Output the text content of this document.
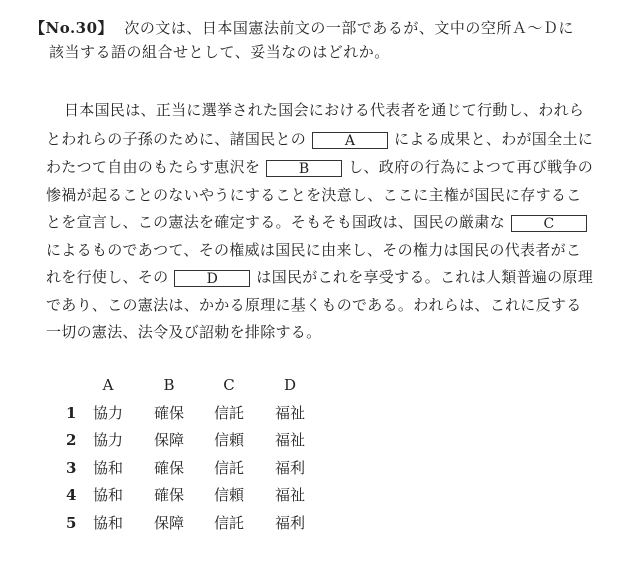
【No.30】 次の文は、日本国憲法前文の一部であるが、文中の空所Ａ～Ｄに
該当する語の組合せとして、妥当なのはどれか。
日本国民は、正当に選挙された国会における代表者を通じて行動し、われら
とわれらの子孫のために、諸国民との	A	による成果と、わが国全土に
わたつて自由のもたらす恵沢を	B	し、政府の行為によつて再び戦争の
惨禍が起ることのないやうにすることを決意し、ここに主権が国民に存するこ
とを宣言し、この憲法を確定する。そもそも国政は、国民の厳粛な	C
によるものであつて、その権威は国民に由来し、その権力は国民の代表者がこ
れを行使し、その	D	は国民がこれを享受する。これは人類普遍の原理
であり、この憲法は、かかる原理に基くものである。われらは、これに反する
一切の憲法、法令及び詔勅を排除する。
A	B	C	D
1	協力 確保 信託 福祉
2	協力 保障 信頼 福祉
3	協和 確保 信託 福利
4	協和 確保 信頼 福祉
5	協和 保障 信託 福利
